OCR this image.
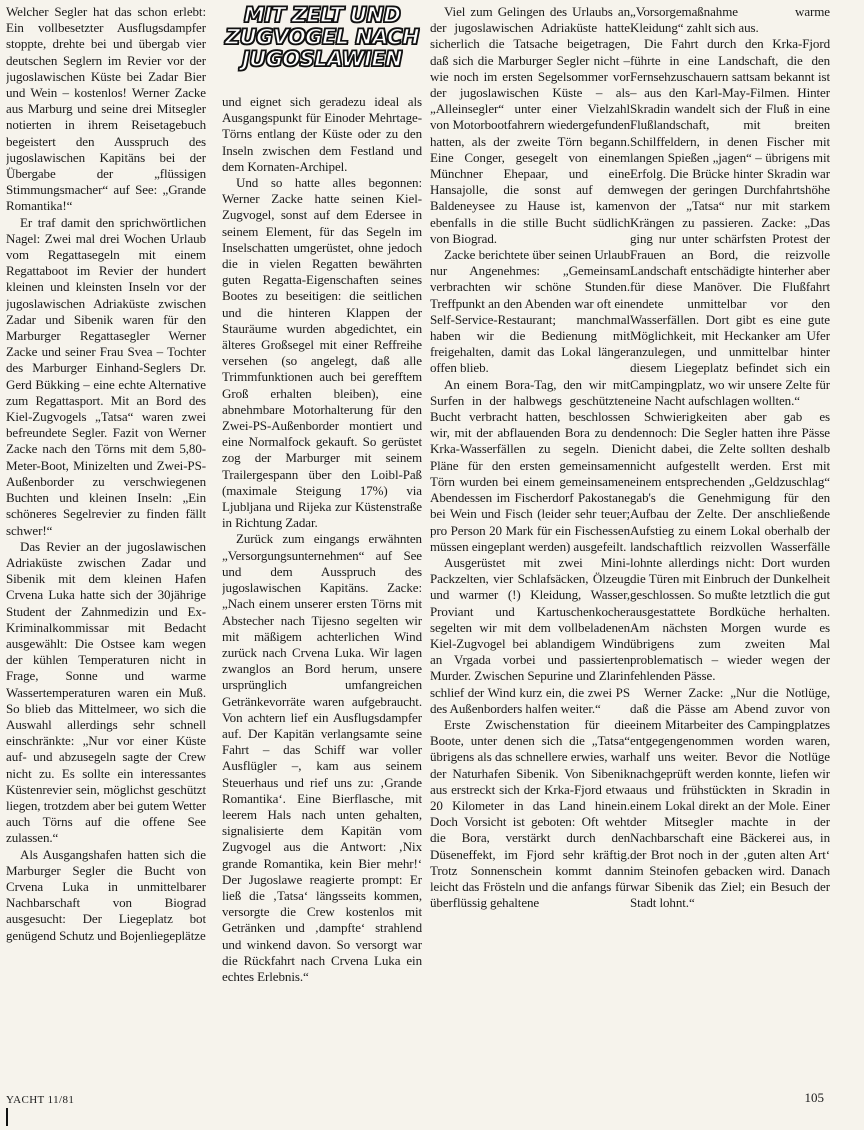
Welcher Segler hat das schon erlebt: Ein vollbesetzter Ausflugsdampfer stoppte, drehte bei und übergab vier deutschen Seglern im Revier vor der jugoslawischen Küste bei Zadar Bier und Wein – kostenlos! Werner Zacke aus Marburg und seine drei Mitsegler notierten in ihrem Reisetagebuch begeistert den Ausspruch des jugoslawischen Kapitäns bei der Übergabe der „flüssigen Stimmungsmacher“ auf See: „Grande Romantika!“

Er traf damit den sprichwörtlichen Nagel: Zwei mal drei Wochen Urlaub vom Regattasegeln mit einem Regattaboot im Revier der hundert kleinen und kleinsten Inseln vor der jugoslawischen Adriaküste zwischen Zadar und Sibenik waren für den Marburger Regattasegler Werner Zacke und seiner Frau Svea – Tochter des Marburger Einhand-Seglers Dr. Gerd Bükking – eine echte Alternative zum Regattasport. Mit an Bord des Kiel-Zugvogels „Tatsa“ waren zwei befreundete Segler. Fazit von Werner Zacke nach den Törns mit dem 5,80-Meter-Boot, Minizelten und Zwei-PS-Außenborder zu verschwiegenen Buchten und kleinen Inseln: „Ein schöneres Segelrevier zu finden fällt schwer!“

Das Revier an der jugoslawischen Adriaküste zwischen Zadar und Sibenik mit dem kleinen Hafen Crvena Luka hatte sich der 30jährige Student der Zahnmedizin und Ex-Kriminalkommissar mit Bedacht ausgewählt: Die Ostsee kam wegen der kühlen Temperaturen nicht in Frage, Sonne und warme Wassertemperaturen waren ein Muß. So blieb das Mittelmeer, wo sich die Auswahl allerdings sehr schnell einschränkte: „Nur vor einer Küste auf- und abzusegeln sagte der Crew nicht zu. Es sollte ein interessantes Küstenrevier sein, möglichst geschützt liegen, trotzdem aber bei gutem Wetter auch Törns auf die offene See zulassen.“

Als Ausgangshafen hatten sich die Marburger Segler die Bucht von Crvena Luka in unmittelbarer Nachbarschaft von Biograd ausgesucht: Der Liegeplatz bot genügend Schutz und Bojenliegeplätze

MIT ZELT UND
ZUGVOGEL NACH
JUGOSLAWIEN

und eignet sich geradezu ideal als Ausgangspunkt für Einoder Mehrtage-Törns entlang der Küste oder zu den Inseln zwischen dem Festland und dem Kornaten-Archipel.

Und so hatte alles begonnen: Werner Zacke hatte seinen Kiel-Zugvogel, sonst auf dem Edersee in seinem Element, für das Segeln im Inselschatten umgerüstet, ohne jedoch die in vielen Regatten bewährten guten Regatta-Eigenschaften seines Bootes zu beseitigen: die seitlichen und die hinteren Klappen der Stauräume wurden abgedichtet, ein älteres Großsegel mit einer Reffreihe versehen (so angelegt, daß alle Trimmfunktionen auch bei gerefftem Groß erhalten bleiben), eine abnehmbare Motorhalterung für den Zwei-PS-Außenborder montiert und eine Normalfock gekauft. So gerüstet zog der Marburger mit seinem Trailergespann über den Loibl-Paß (maximale Steigung 17%) via Ljubljana und Rijeka zur Küstenstraße in Richtung Zadar.

Zurück zum eingangs erwähnten „Versorgungsunternehmen“ auf See und dem Ausspruch des jugoslawischen Kapitäns. Zacke: „Nach einem unserer ersten Törns mit Abstecher nach Tijesno segelten wir mit mäßigem achterlichen Wind zurück nach Crvena Luka. Wir lagen zwanglos an Bord herum, unsere ursprünglich umfangreichen Getränkevorräte waren aufgebraucht. Von achtern lief ein Ausflugsdampfer auf. Der Kapitän verlangsamte seine Fahrt – das Schiff war voller Ausflügler –, kam aus seinem Steuerhaus und rief uns zu: ‚Grande Romantika‘. Eine Bierflasche, mit leerem Hals nach unten gehalten, signalisierte dem Kapitän vom Zugvogel aus die Antwort: ‚Nix grande Romantika, kein Bier mehr!‘ Der Jugoslawe reagierte prompt: Er ließ die ‚Tatsa‘ längsseits kommen, versorgte die Crew kostenlos mit Getränken und ‚dampfte‘ strahlend und winkend davon. So versorgt war die Rückfahrt nach Crvena Luka ein echtes Erlebnis.“

Viel zum Gelingen des Urlaubs an der jugoslawischen Adriaküste hatte sicherlich die Tatsache beigetragen, daß sich die Marburger Segler nicht – wie noch im ersten Segelsommer vor der jugoslawischen Küste – als „Alleinsegler“ unter einer Vielzahl von Motorbootfahrern wiedergefunden hatten, als der zweite Törn begann. Eine Conger, gesegelt von einem Münchner Ehepaar, und eine Hansajolle, die sonst auf dem Baldeneysee zu Hause ist, kamen ebenfalls in die stille Bucht südlich von Biograd.

Zacke berichtete über seinen Urlaub nur Angenehmes: „Gemeinsam verbrachten wir schöne Stunden. Treffpunkt an den Abenden war oft ein Self-Service-Restaurant; manchmal haben wir die Bedienung mit freigehalten, damit das Lokal länger offen blieb.

An einem Bora-Tag, den wir mit Surfen in der halbwegs geschützten Bucht verbracht hatten, beschlossen wir, mit der abflauenden Bora zu den Krka-Wasserfällen zu segeln. Die Pläne für den ersten gemeinsamen Törn wurden bei einem gemeinsamen Abendessen im Fischerdorf Pakostane bei Wein und Fisch (leider sehr teuer; pro Person 20 Mark für ein Fischessen müssen eingeplant werden) ausgefeilt.

Ausgerüstet mit zwei Mini-Packzelten, vier Schlafsäcken, Ölzeug und warmer (!) Kleidung, Wasser, Proviant und Kartuschenkocher segelten wir mit dem vollbeladenen Kiel-Zugvogel bei ablandigem Wind an Vrgada vorbei und passierten Murder. Zwischen Sepurine und Zlarin schlief der Wind kurz ein, die zwei PS des Außenborders halfen weiter.“

Erste Zwischenstation für die Boote, unter denen sich die „Tatsa“ übrigens als das schnellere erwies, war der Naturhafen Sibenik. Von Sibenik aus erstreckt sich der Krka-Fjord etwa 20 Kilometer in das Land hinein. Doch Vorsicht ist geboten: Oft weht die Bora, verstärkt durch den Düseneffekt, im Fjord sehr kräftig. Trotz Sonnenschein kommt dann leicht das Frösteln und die anfangs für überflüssig gehaltene

„Vorsorgemaßnahme warme Kleidung“ zahlt sich aus.

Die Fahrt durch den Krka-Fjord führte in eine Landschaft, die den Fernsehzuschauern sattsam bekannt ist – aus den Karl-May-Filmen. Hinter Skradin wandelt sich der Fluß in eine Flußlandschaft, mit breiten Schilffeldern, in denen Fischer mit langen Spießen „jagen“ – übrigens mit Erfolg. Die Brücke hinter Skradin war wegen der geringen Durchfahrtshöhe von der „Tatsa“ nur mit starkem Krängen zu passieren. Zacke: „Das ging nur unter schärfsten Protest der Frauen an Bord, die reizvolle Landschaft entschädigte hinterher aber für diese Manöver. Die Flußfahrt endete unmittelbar vor den Wasserfällen. Dort gibt es eine gute Möglichkeit, mit Heckanker am Ufer anzulegen, und unmittelbar hinter diesem Liegeplatz befindet sich ein Campingplatz, wo wir unsere Zelte für eine Nacht aufschlagen wollten.“

Schwierigkeiten aber gab es dennoch: Die Segler hatten ihre Pässe nicht dabei, die Zelte sollten deshalb nicht aufgestellt werden. Erst mit einem entsprechenden „Geldzuschlag“ gab's die Genehmigung für den Aufbau der Zelte. Der anschließende Aufstieg zu einem Lokal oberhalb der landschaftlich reizvollen Wasserfälle lohnte allerdings nicht: Dort wurden die Türen mit Einbruch der Dunkelheit geschlossen. So mußte letztlich die gut ausgestattete Bordküche herhalten. Am nächsten Morgen wurde es übrigens zum zweiten Mal problematisch – wieder wegen der fehlenden Pässe.

Werner Zacke: „Nur die Notlüge, daß die Pässe am Abend zuvor von einem Mitarbeiter des Campingplatzes entgegengenommen worden waren, half uns weiter. Bevor die Notlüge nachgeprüft werden konnte, liefen wir aus und frühstückten in Skradin in einem Lokal direkt an der Mole. Einer der Mitsegler machte in der Nachbarschaft eine Bäckerei aus, in der Brot noch in der ‚guten alten Art‘ im Steinofen gebacken wird. Danach war Sibenik das Ziel; ein Besuch der Stadt lohnt.“

YACHT 11/81	105
